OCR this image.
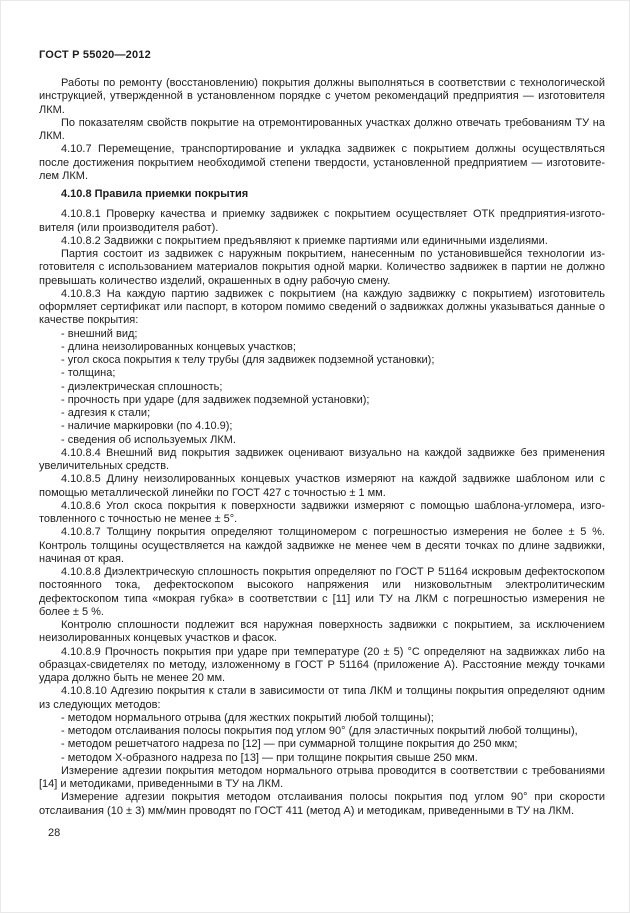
ГОСТ Р 55020—2012

Работы по ремонту (восстановлению) покрытия должны выполняться в соответствии с технологической инструкцией, утвержденной в установленном порядке с учетом рекомендаций предприятия — изготовителя ЛКМ.

По показателям свойств покрытие на отремонтированных участках должно отвечать требованиям ТУ на ЛКМ.

4.10.7 Перемещение, транспортирование и укладка задвижек с покрытием должны осуществляться после достижения покрытием необходимой степени твердости, установленной предприятием — изготовителем ЛКМ.

4.10.8 Правила приемки покрытия

4.10.8.1 Проверку качества и приемку задвижек с покрытием осуществляет ОТК предприятия-изготовителя (или производителя работ).

4.10.8.2 Задвижки с покрытием предъявляют к приемке партиями или единичными изделиями.

Партия состоит из задвижек с наружным покрытием, нанесенным по установившейся технологии изготовителя с использованием материалов покрытия одной марки. Количество задвижек в партии не должно превышать количество изделий, окрашенных в одну рабочую смену.

4.10.8.3 На каждую партию задвижек с покрытием (на каждую задвижку с покрытием) изготовитель оформляет сертификат или паспорт, в котором помимо сведений о задвижках должны указываться данные о качестве покрытия:

- внешний вид;

- длина неизолированных концевых участков;

- угол скоса покрытия к телу трубы (для задвижек подземной установки);

- толщина;

- диэлектрическая сплошность;

- прочность при ударе (для задвижек подземной установки);

- адгезия к стали;

- наличие маркировки (по 4.10.9);

- сведения об используемых ЛКМ.

4.10.8.4 Внешний вид покрытия задвижек оценивают визуально на каждой задвижке без применения увеличительных средств.

4.10.8.5 Длину неизолированных концевых участков измеряют на каждой задвижке шаблоном или с помощью металлической линейки по ГОСТ 427 с точностью ± 1 мм.

4.10.8.6 Угол скоса покрытия к поверхности задвижки измеряют с помощью шаблона-угломера, изготовленного с точностью не менее ± 5°.

4.10.8.7 Толщину покрытия определяют толщиномером с погрешностью измерения не более ± 5 %. Контроль толщины осуществляется на каждой задвижке не менее чем в десяти точках по длине задвижки, начиная от края.

4.10.8.8 Диэлектрическую сплошность покрытия определяют по ГОСТ Р 51164 искровым дефектоскопом постоянного тока, дефектоскопом высокого напряжения или низковольтным электролитическим дефектоскопом типа «мокрая губка» в соответствии с [11] или ТУ на ЛКМ с погрешностью измерения не более ± 5 %.

Контролю сплошности подлежит вся наружная поверхность задвижки с покрытием, за исключением неизолированных концевых участков и фасок.

4.10.8.9 Прочность покрытия при ударе при температуре (20 ± 5) °С определяют на задвижках либо на образцах-свидетелях по методу, изложенному в ГОСТ Р 51164 (приложение А). Расстояние между точками удара должно быть не менее 20 мм.

4.10.8.10 Адгезию покрытия к стали в зависимости от типа ЛКМ и толщины покрытия определяют одним из следующих методов:

- методом нормального отрыва (для жестких покрытий любой толщины);

- методом отслаивания полосы покрытия под углом 90° (для эластичных покрытий любой толщины),

- методом решетчатого надреза по [12] — при суммарной толщине покрытия до 250 мкм;

- методом Х-образного надреза по [13] — при толщине покрытия свыше 250 мкм.

Измерение адгезии покрытия методом нормального отрыва проводится в соответствии с требованиями [14] и методиками, приведенными в ТУ на ЛКМ.

Измерение адгезии покрытия методом отслаивания полосы покрытия под углом 90° при скорости отслаивания (10 ± 3) мм/мин проводят по ГОСТ 411 (метод А) и методикам, приведенными в ТУ на ЛКМ.

28
